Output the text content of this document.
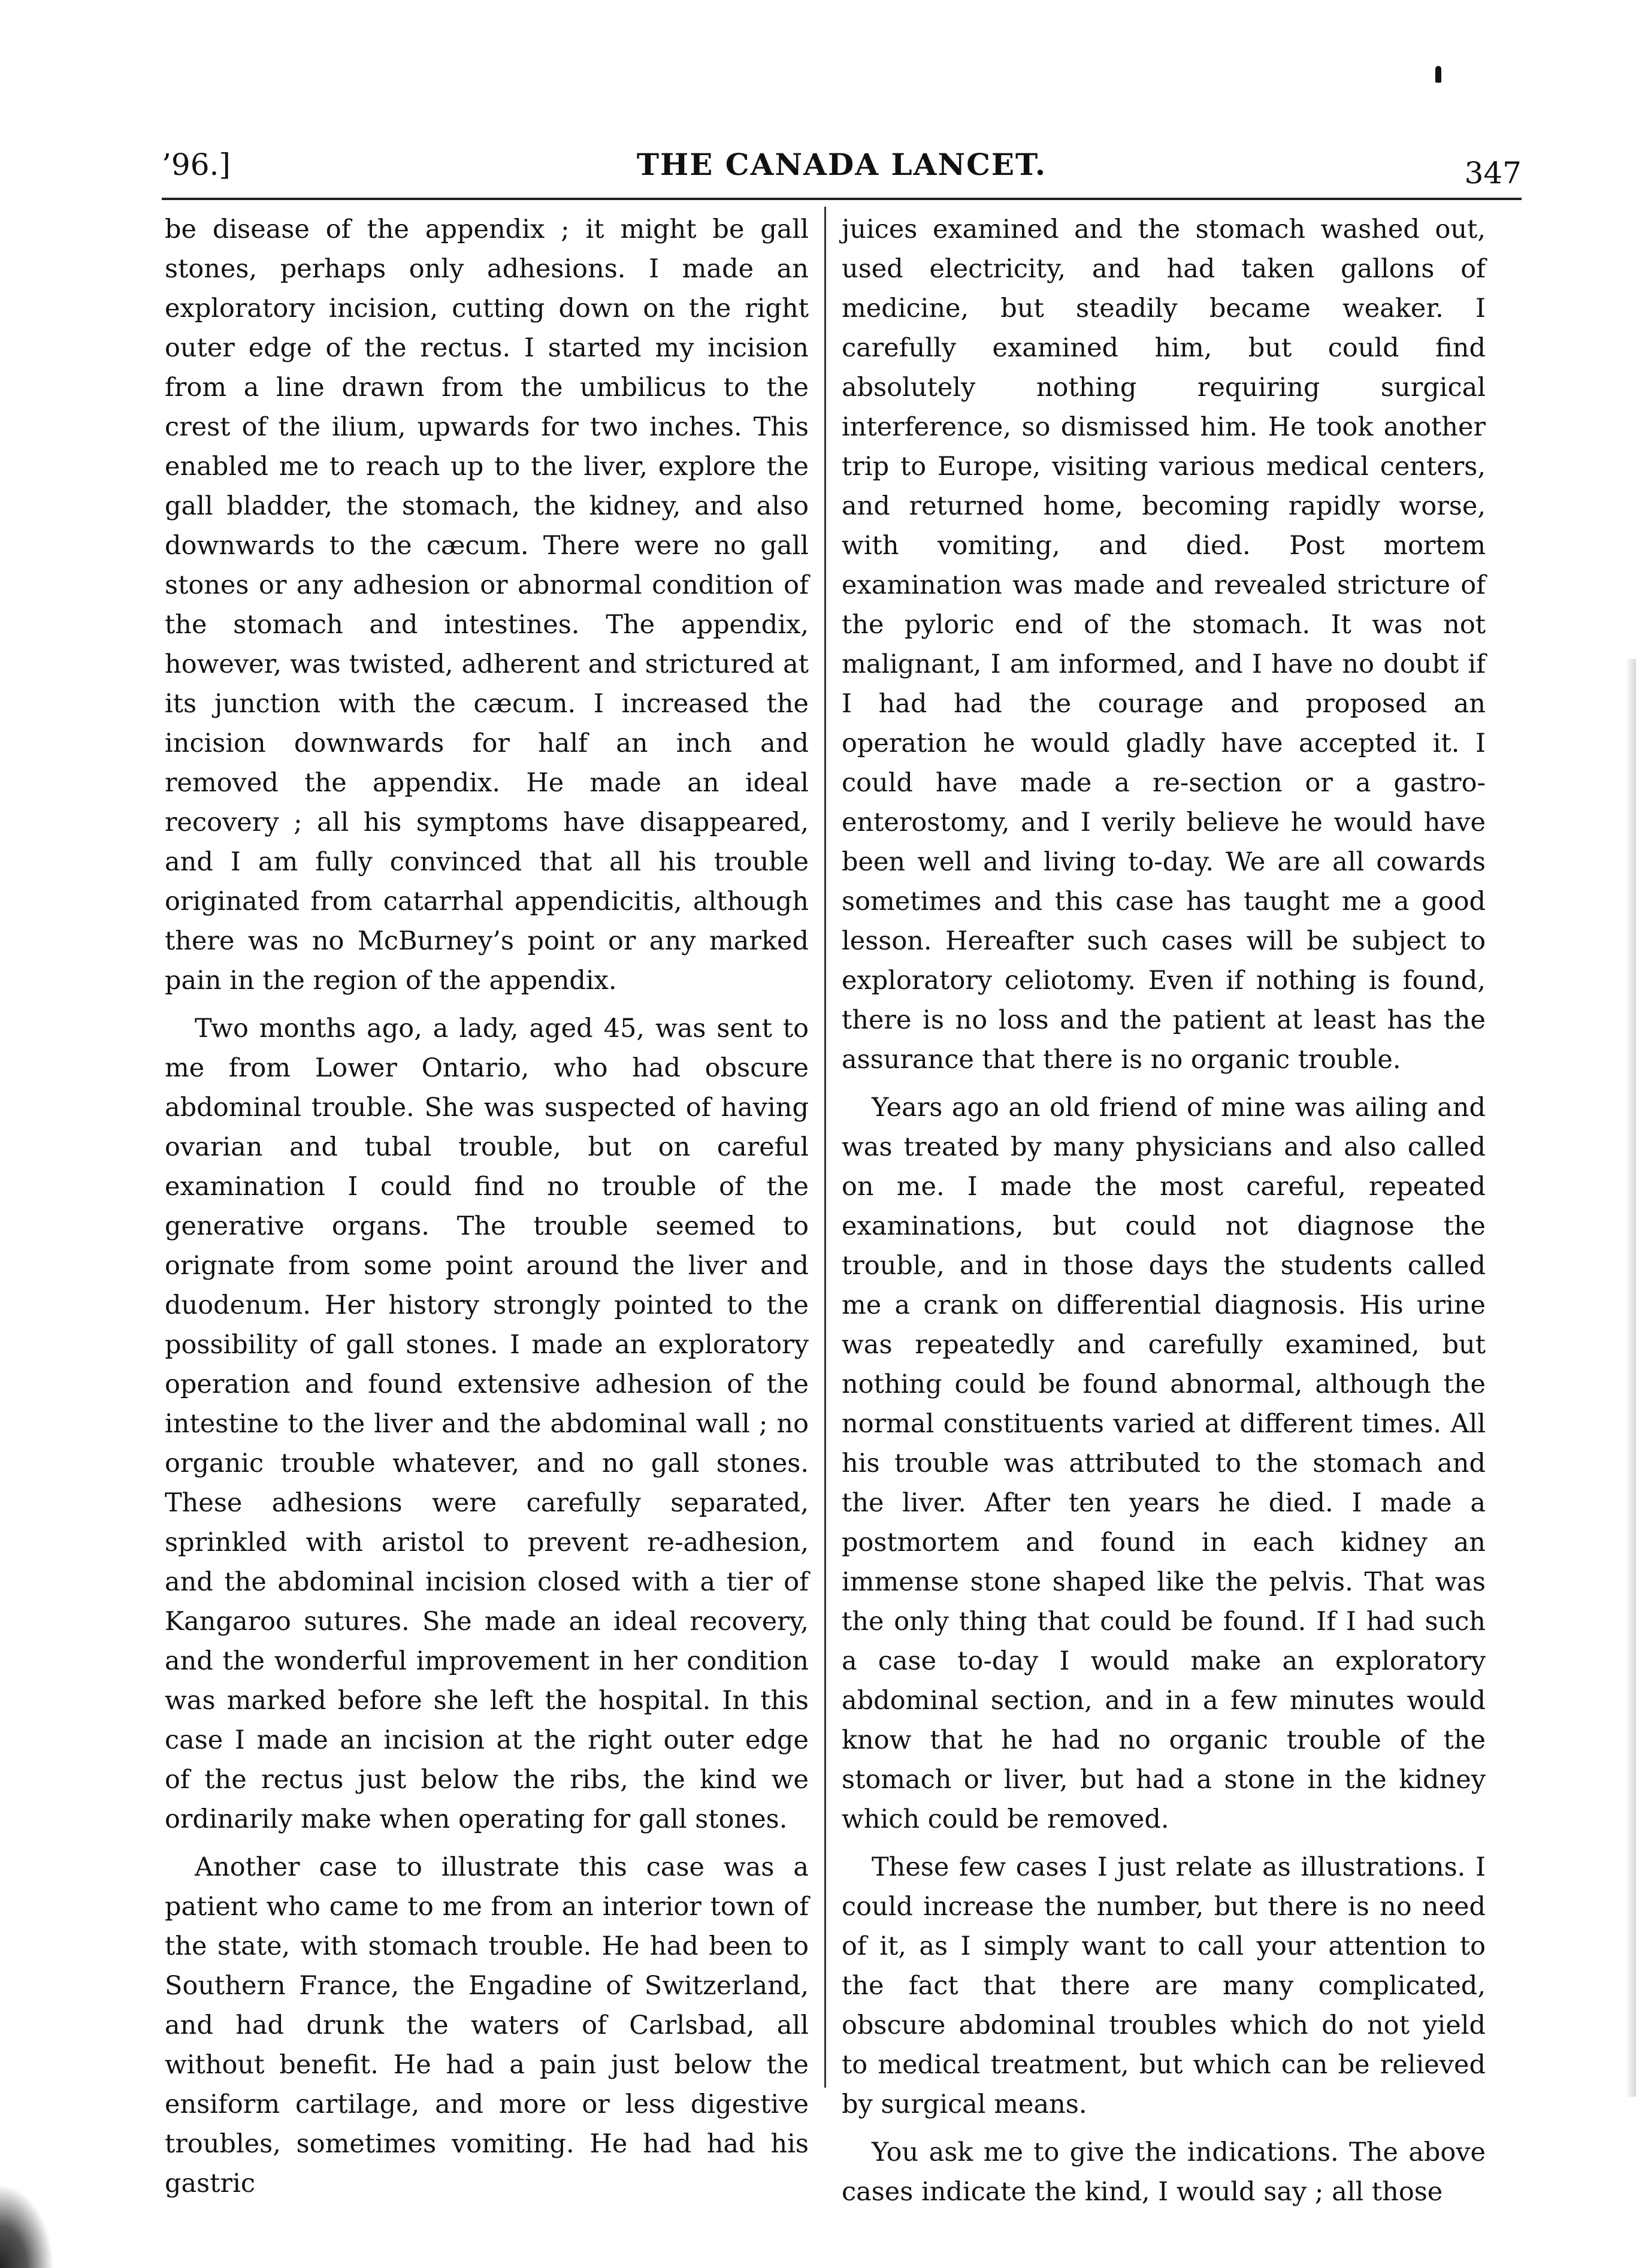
’96.]	THE CANADA LANCET.	347

be disease of the appendix ; it might be gall stones, perhaps only adhesions. I made an exploratory incision, cutting down on the right outer edge of the rectus. I started my incision from a line drawn from the umbilicus to the crest of the ilium, upwards for two inches. This enabled me to reach up to the liver, explore the gall bladder, the stomach, the kidney, and also downwards to the cæcum. There were no gall stones or any adhesion or abnormal condition of the stomach and intestines. The appendix, however, was twisted, adherent and strictured at its junction with the cæcum. I increased the incision downwards for half an inch and removed the appendix. He made an ideal recovery ; all his symptoms have disappeared, and I am fully convinced that all his trouble originated from catarrhal appendicitis, although there was no McBurney’s point or any marked pain in the region of the appendix.

Two months ago, a lady, aged 45, was sent to me from Lower Ontario, who had obscure abdominal trouble. She was suspected of having ovarian and tubal trouble, but on careful examination I could find no trouble of the generative organs. The trouble seemed to orignate from some point around the liver and duodenum. Her history strongly pointed to the possibility of gall stones. I made an exploratory operation and found extensive adhesion of the intestine to the liver and the abdominal wall ; no organic trouble whatever, and no gall stones. These adhesions were carefully separated, sprinkled with aristol to prevent re-adhesion, and the abdominal incision closed with a tier of Kangaroo sutures. She made an ideal recovery, and the wonderful improvement in her condition was marked before she left the hospital. In this case I made an incision at the right outer edge of the rectus just below the ribs, the kind we ordinarily make when operating for gall stones.

Another case to illustrate this case was a patient who came to me from an interior town of the state, with stomach trouble. He had been to Southern France, the Engadine of Switzerland, and had drunk the waters of Carlsbad, all without benefit. He had a pain just below the ensiform cartilage, and more or less digestive troubles, sometimes vomiting. He had had his gastric

juices examined and the stomach washed out, used electricity, and had taken gallons of medicine, but steadily became weaker. I carefully examined him, but could find absolutely nothing requiring surgical interference, so dismissed him. He took another trip to Europe, visiting various medical centers, and returned home, becoming rapidly worse, with vomiting, and died. Post mortem examination was made and revealed stricture of the pyloric end of the stomach. It was not malignant, I am informed, and I have no doubt if I had had the courage and proposed an operation he would gladly have accepted it. I could have made a re-section or a gastro-enterostomy, and I verily believe he would have been well and living to-day. We are all cowards sometimes and this case has taught me a good lesson. Hereafter such cases will be subject to exploratory celiotomy. Even if nothing is found, there is no loss and the patient at least has the assurance that there is no organic trouble.

Years ago an old friend of mine was ailing and was treated by many physicians and also called on me. I made the most careful, repeated examinations, but could not diagnose the trouble, and in those days the students called me a crank on differential diagnosis. His urine was repeatedly and carefully examined, but nothing could be found abnormal, although the normal constituents varied at different times. All his trouble was attributed to the stomach and the liver. After ten years he died. I made a postmortem and found in each kidney an immense stone shaped like the pelvis. That was the only thing that could be found. If I had such a case to-day I would make an exploratory abdominal section, and in a few minutes would know that he had no organic trouble of the stomach or liver, but had a stone in the kidney which could be removed.

These few cases I just relate as illustrations. I could increase the number, but there is no need of it, as I simply want to call your attention to the fact that there are many complicated, obscure abdominal troubles which do not yield to medical treatment, but which can be relieved by surgical means.

You ask me to give the indications. The above cases indicate the kind, I would say ; all those
